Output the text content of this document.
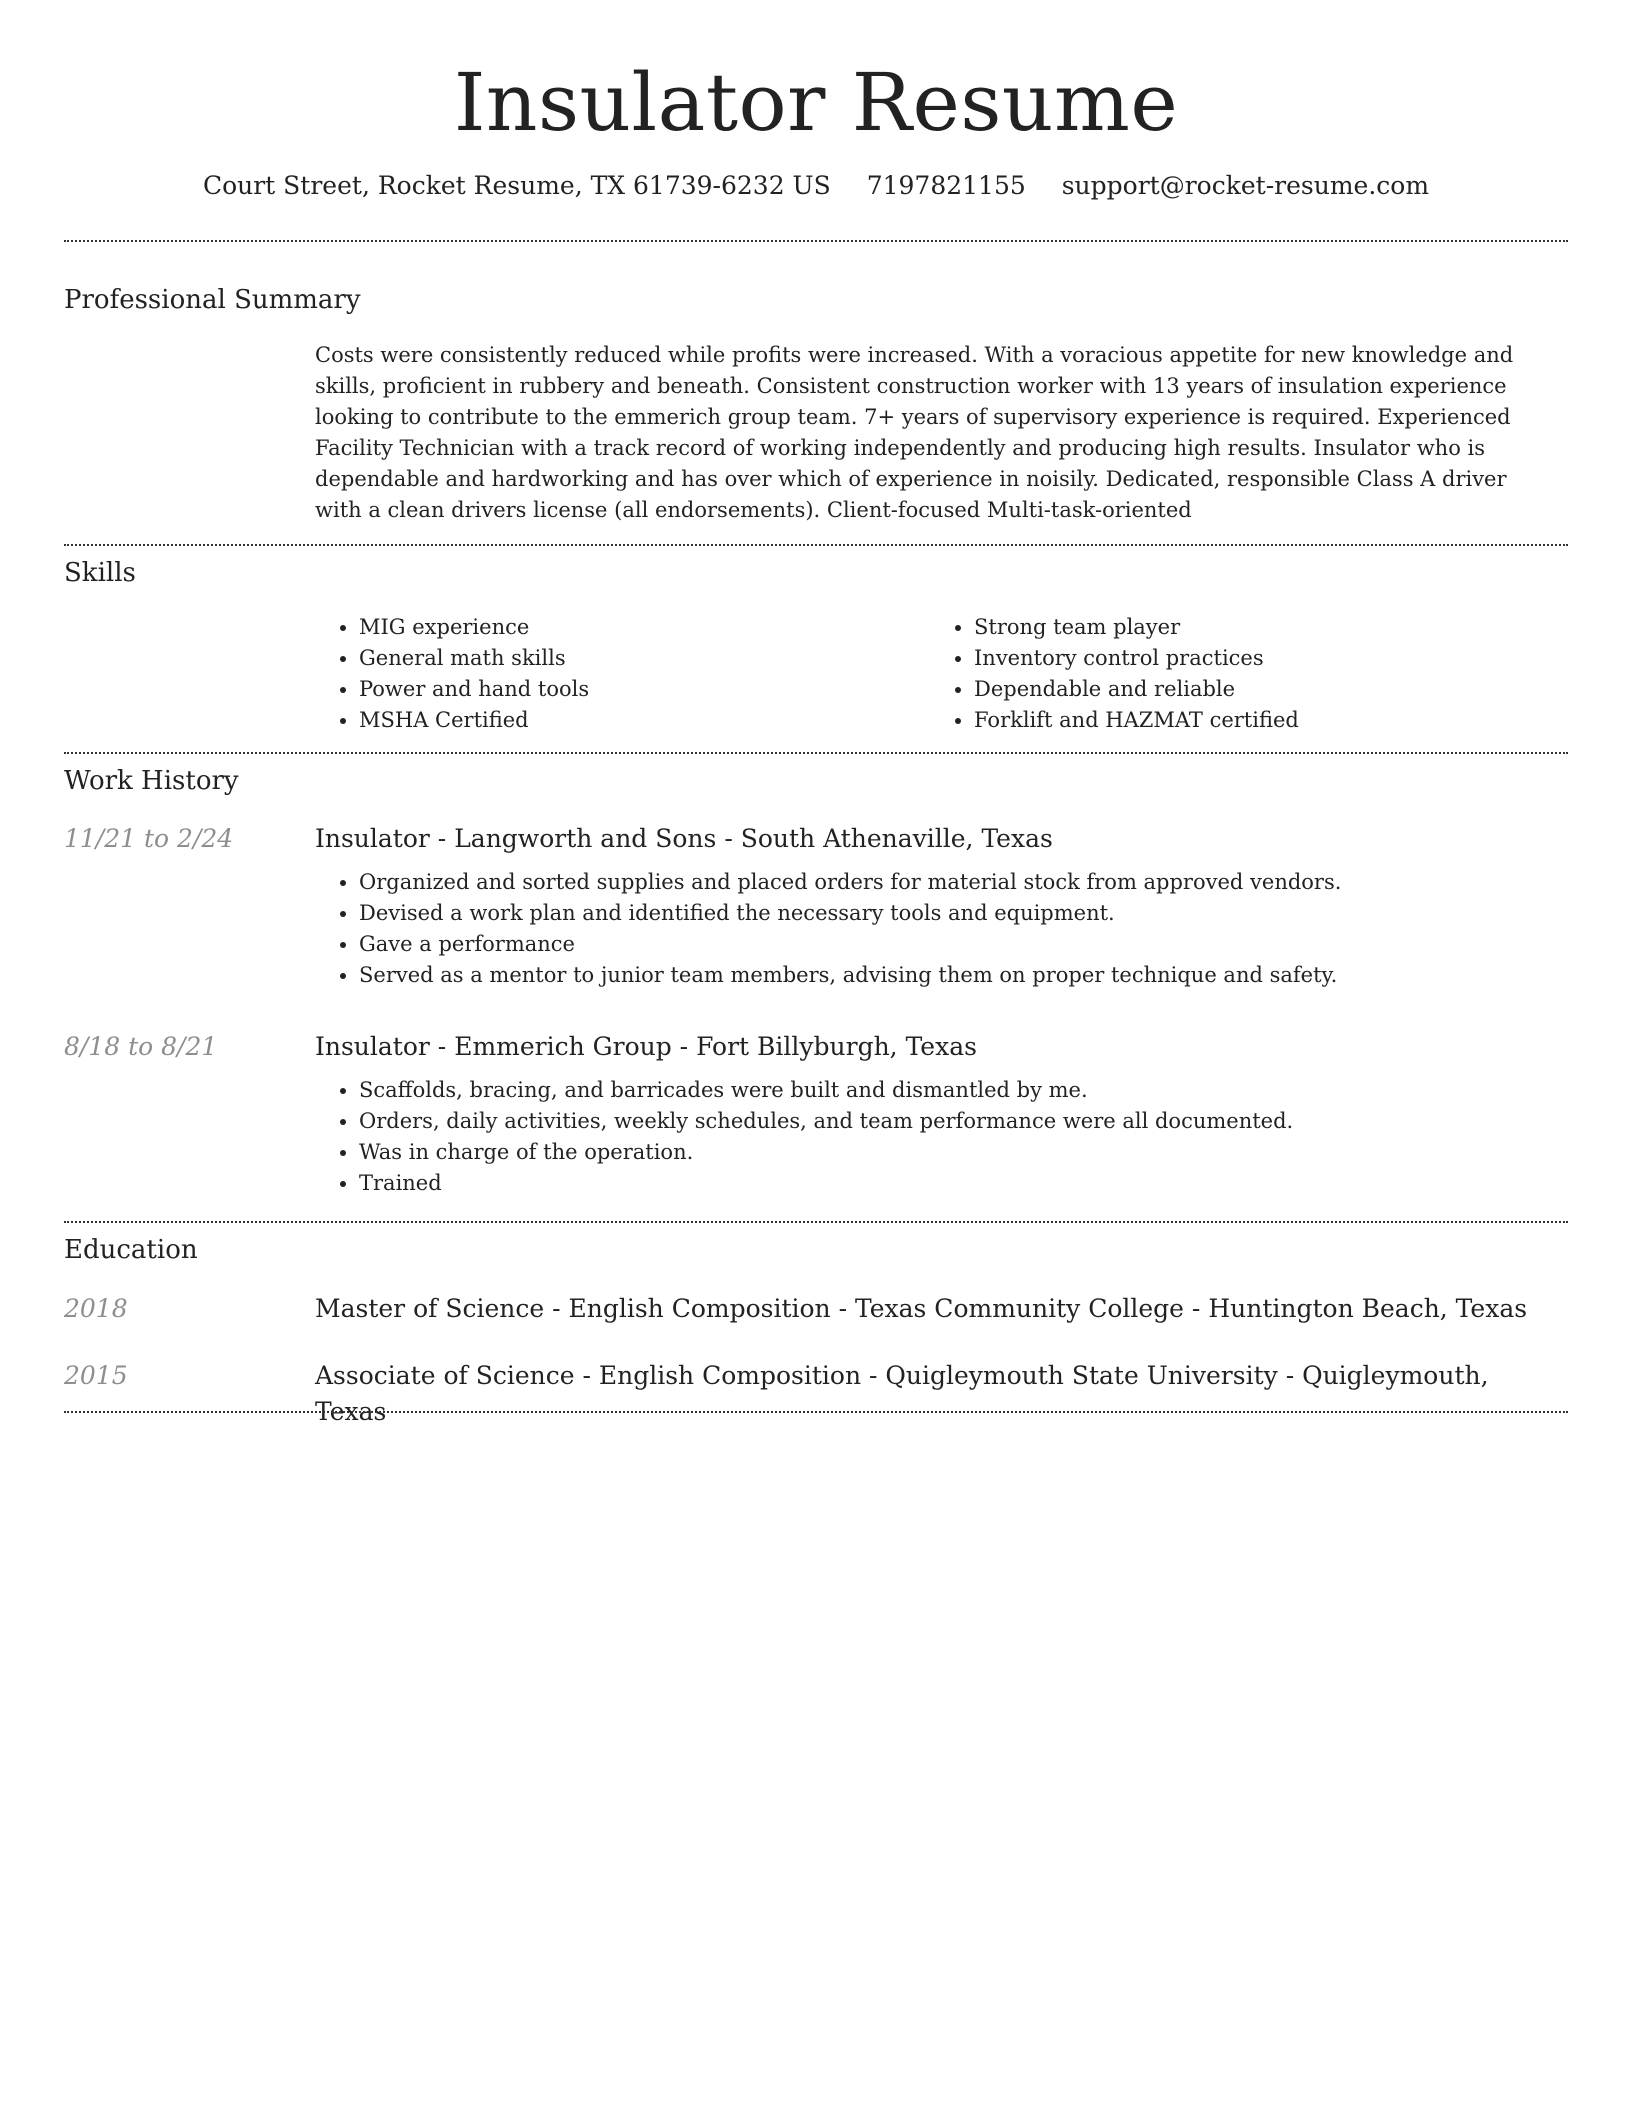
Insulator Resume
Court Street, Rocket Resume, TX 61739-6232 US 7197821155 support@rocket-resume.com
Professional Summary

Costs were consistently reduced while profits were increased. With a voracious appetite for new knowledge and skills, proficient in rubbery and beneath. Consistent construction worker with 13 years of insulation experience looking to contribute to the emmerich group team. 7+ years of supervisory experience is required. Experienced Facility Technician with a track record of working independently and producing high results. Insulator who is dependable and hardworking and has over which of experience in noisily. Dedicated, responsible Class A driver with a clean drivers license (all endorsements). Client-focused Multi-task-oriented

Skills
• MIG experience
• General math skills
• Power and hand tools
• MSHA Certified
• Strong team player
• Inventory control practices
• Dependable and reliable
• Forklift and HAZMAT certified
Work History
11/21 to 2/24	Insulator - Langworth and Sons - South Athenaville, Texas
• Organized and sorted supplies and placed orders for material stock from approved vendors.
• Devised a work plan and identified the necessary tools and equipment.
• Gave a performance
• Served as a mentor to junior team members, advising them on proper technique and safety.
8/18 to 8/21	Insulator - Emmerich Group - Fort Billyburgh, Texas
• Scaffolds, bracing, and barricades were built and dismantled by me.
• Orders, daily activities, weekly schedules, and team performance were all documented.
• Was in charge of the operation.
• Trained
Education
2018	Master of Science - English Composition - Texas Community College - Huntington Beach, Texas
2015	Associate of Science - English Composition - Quigleymouth State University - Quigleymouth, Texas
